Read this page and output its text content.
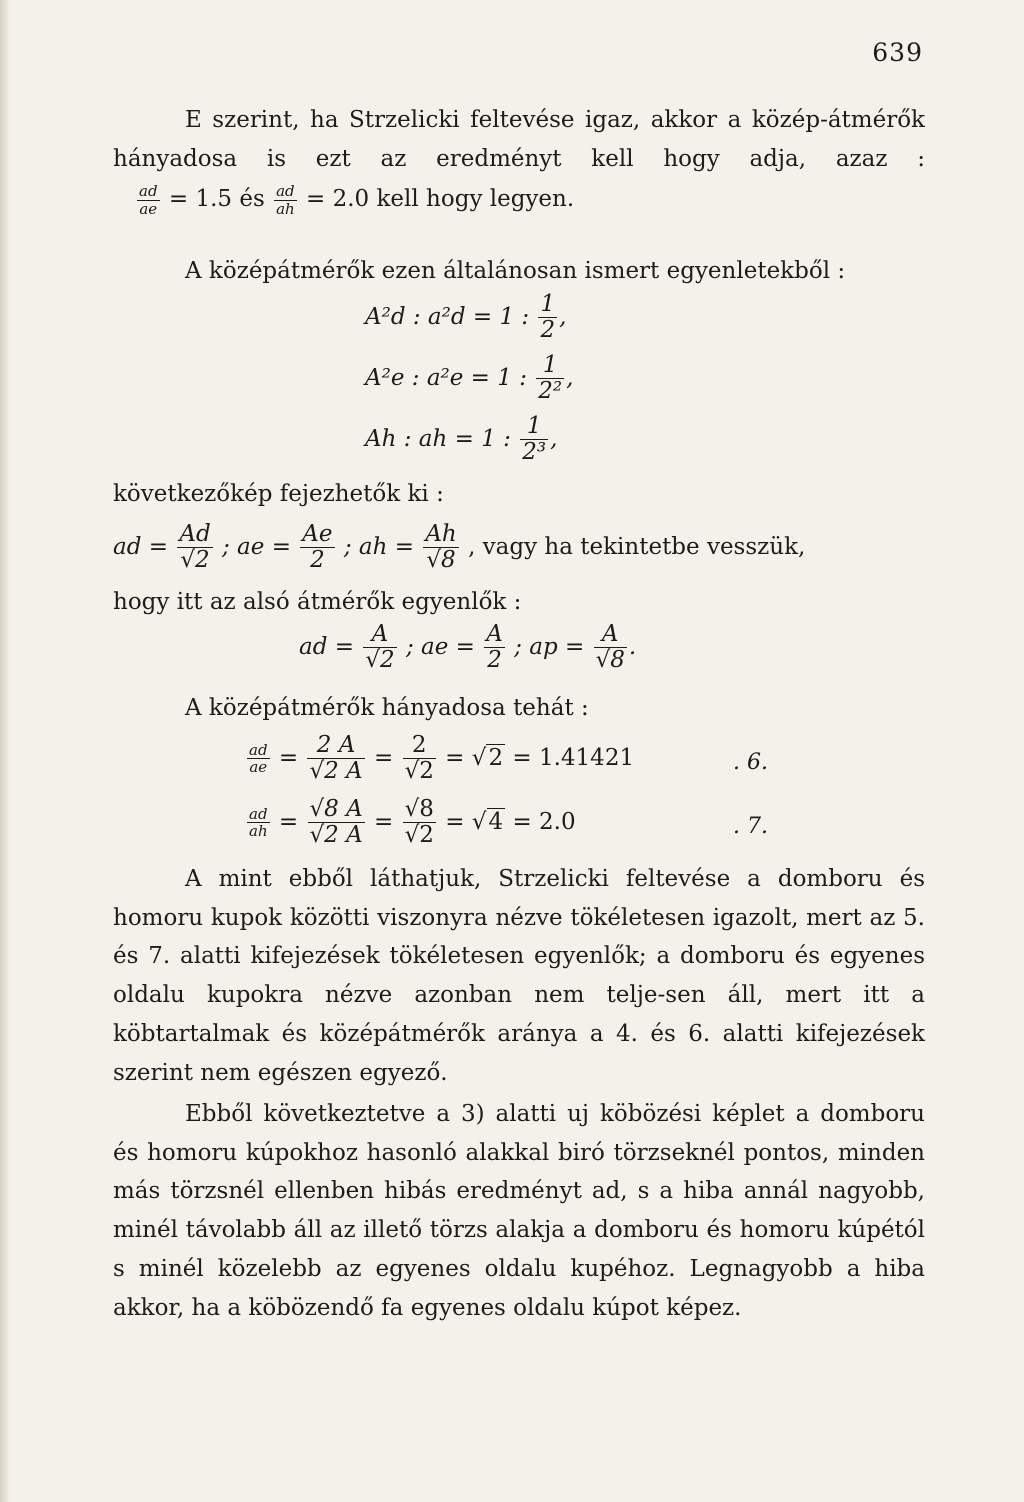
639

E szerint, ha Strzelicki feltevése igaz, akkor a közép-átmérők hányadosa is ezt az eredményt kell hogy adja, azaz :

$\frac{ad}{ae} = 1.5$ és $\frac{ad}{ah} = 2.0$ kell hogy legyen.

A középátmérők ezen általánosan ismert egyenletekből :

A²d : a²d = 1 : $\frac{1}{2}$ ,
A²e : a²e = 1 : $\frac{1}{\text{2²}}$ ,
Ah : ah = 1 : $\frac{1}{\text{2³}}$ ,

következőkép fejezhetők ki :

ad = $\frac{Ad}{√2}$ ; ae = $\frac{Ae}{2}$ ; ah = $\frac{Ah}{√8}$ , vagy ha tekintetbe vesszük,

hogy itt az alsó átmérők egyenlők :

ad = $\frac{A}{√2}$ ; ae = $\frac{A}{2}$ ; ap = $\frac{A}{√8}$ .

A középátmérők hányadosa tehát :

$\frac{ad}{ae} = \frac{2 A}{√2 A} = \frac{2}{√2} = √2 = 1.41421$	. 6.
$\frac{ad}{ah} = \frac{√8 A}{√2 A} = \frac{√8}{√2} = √4 = 2.0$	. 7.

A mint ebből láthatjuk, Strzelicki feltevése a domboru és homoru kupok közötti viszonyra nézve tökéletesen igazolt, mert az 5. és 7. alatti kifejezések tökéletesen egyenlők; a domboru és egyenes oldalu kupokra nézve azonban nem telje-sen áll, mert itt a köbtartalmak és középátmérők aránya a 4. és 6. alatti kifejezések szerint nem egészen egyező.

Ebből következtetve a 3) alatti uj köbözési képlet a domboru és homoru kúpokhoz hasonló alakkal biró törzseknél pontos, minden más törzsnél ellenben hibás eredményt ad, s a hiba annál nagyobb, minél távolabb áll az illető törzs alakja a domboru és homoru kúpétól s minél közelebb az egyenes oldalu kupéhoz. Legnagyobb a hiba akkor, ha a köbözendő fa egyenes oldalu kúpot képez.
